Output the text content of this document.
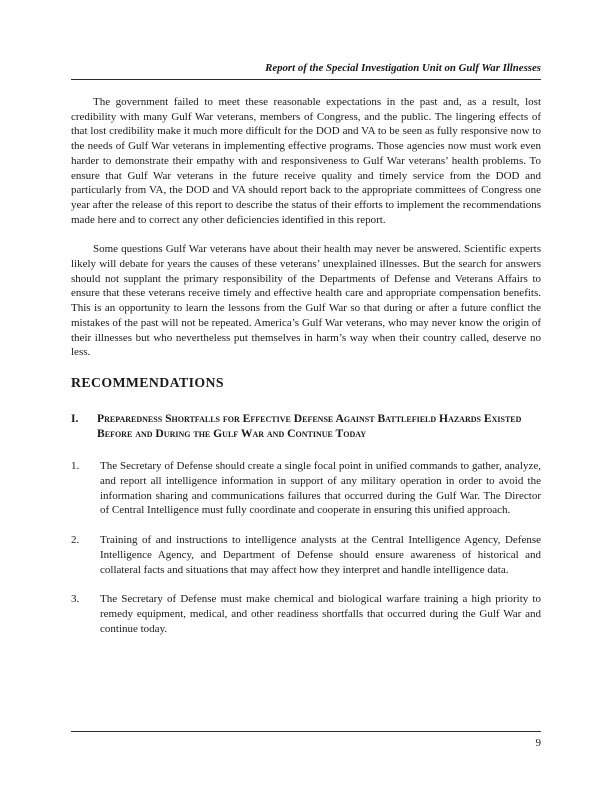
Report of the Special Investigation Unit on Gulf War Illnesses

The government failed to meet these reasonable expectations in the past and, as a result, lost credibility with many Gulf War veterans, members of Congress, and the public. The lingering effects of that lost credibility make it much more difficult for the DOD and VA to be seen as fully responsive now to the needs of Gulf War veterans in implementing effective programs. Those agencies now must work even harder to demonstrate their empathy with and responsiveness to Gulf War veterans’ health problems. To ensure that Gulf War veterans in the future receive quality and timely service from the DOD and particularly from VA, the DOD and VA should report back to the appropriate committees of Congress one year after the release of this report to describe the status of their efforts to implement the recommendations made here and to correct any other deficiencies identified in this report.

Some questions Gulf War veterans have about their health may never be answered. Scientific experts likely will debate for years the causes of these veterans’ unexplained illnesses. But the search for answers should not supplant the primary responsibility of the Departments of Defense and Veterans Affairs to ensure that these veterans receive timely and effective health care and appropriate compensation benefits. This is an opportunity to learn the lessons from the Gulf War so that during or after a future conflict the mistakes of the past will not be repeated. America’s Gulf War veterans, who may never know the origin of their illnesses but who nevertheless put themselves in harm’s way when their country called, deserve no less.

RECOMMENDATIONS
I.	Preparedness Shortfalls for Effective Defense Against Battlefield Hazards Existed Before and During the Gulf War and Continue Today
1.	The Secretary of Defense should create a single focal point in unified commands to gather, analyze, and report all intelligence information in support of any military operation in order to avoid the information sharing and communications failures that occurred during the Gulf War. The Director of Central Intelligence must fully coordinate and cooperate in ensuring this unified approach.
2.	Training of and instructions to intelligence analysts at the Central Intelligence Agency, Defense Intelligence Agency, and Department of Defense should ensure awareness of historical and collateral facts and situations that may affect how they interpret and handle intelligence data.
3.	The Secretary of Defense must make chemical and biological warfare training a high priority to remedy equipment, medical, and other readiness shortfalls that occurred during the Gulf War and continue today.
9
